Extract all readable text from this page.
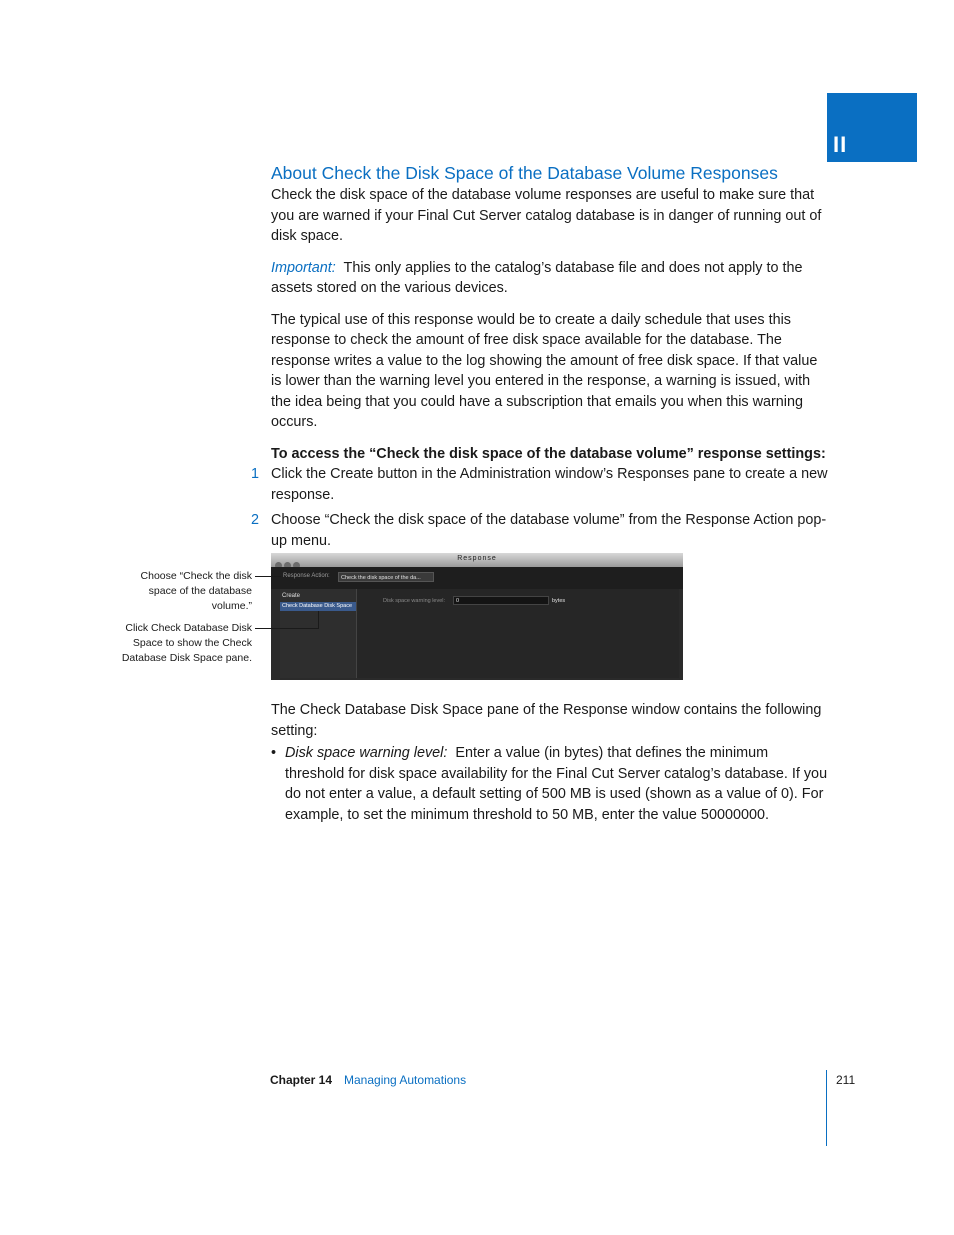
II
About Check the Disk Space of the Database Volume Responses

Check the disk space of the database volume responses are useful to make sure that you are warned if your Final Cut Server catalog database is in danger of running out of disk space.

Important: This only applies to the catalog’s database file and does not apply to the assets stored on the various devices.

The typical use of this response would be to create a daily schedule that uses this response to check the amount of free disk space available for the database. The response writes a value to the log showing the amount of free disk space. If that value is lower than the warning level you entered in the response, a warning is issued, with the idea being that you could have a subscription that emails you when this warning occurs.

To access the “Check the disk space of the database volume” response settings:

1 Click the Create button in the Administration window’s Responses pane to create a new response.

2 Choose “Check the disk space of the database volume” from the Response Action pop-up menu.

Response
Response Action:	Check the disk space of the da...
Create
Check Database Disk Space
Disk space warning level:	0	bytes
Choose “Check the disk space of the database volume.”
Click Check Database Disk Space to show the Check Database Disk Space pane.

The Check Database Disk Space pane of the Response window contains the following setting:

• Disk space warning level: Enter a value (in bytes) that defines the minimum threshold for disk space availability for the Final Cut Server catalog’s database. If you do not enter a value, a default setting of 500 MB is used (shown as a value of 0). For example, to set the minimum threshold to 50 MB, enter the value 50000000.

Chapter 14 Managing Automations	211
